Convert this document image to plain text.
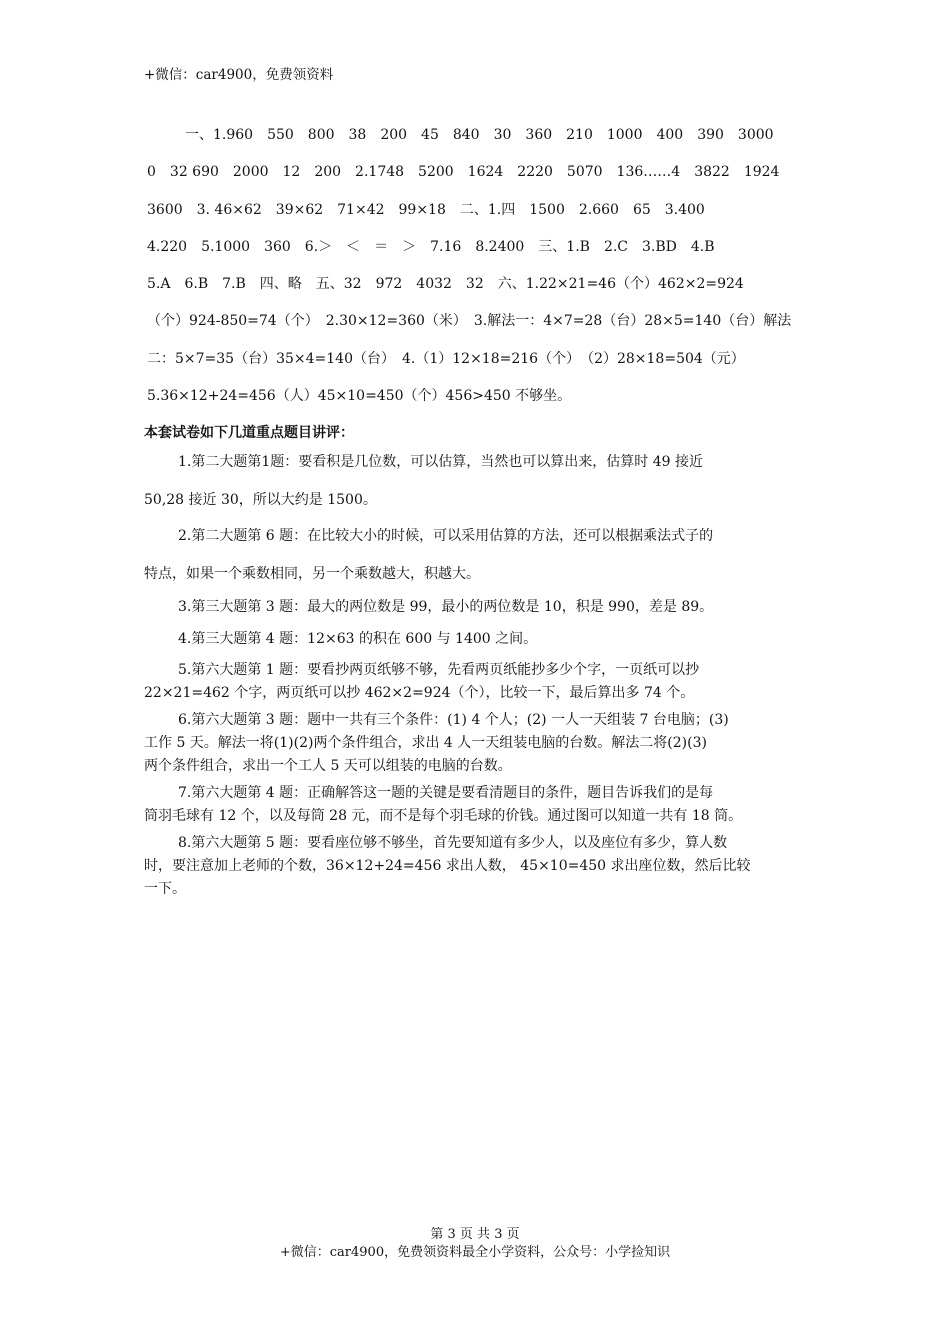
+微信：car4900，免费领资料
一、1.960　550　800　38　200　45　840　30　360　210　1000　400　390　3000
0　32 690　2000　12　200　2.1748　5200　1624　2220　5070　136……4　3822　1924
3600　3. 46×62　39×62　71×42　99×18　二、1.四　1500　2.660　65　3.400
4.220　5.1000　360　6.＞　＜　＝　＞　7.16　8.2400　三、1.B　2.C　3.BD　4.B
5.A　6.B　7.B　四、略　五、32　972　4032　32　六、1.22×21=46（个）462×2=924
（个）924-850=74（个）　2.30×12=360（米）　3.解法一：4×7=28（台）28×5=140（台）解法
二：5×7=35（台）35×4=140（台）　4.（1）12×18=216（个）　（2）28×18=504（元）
5.36×12+24=456（人）45×10=450（个）456>450 不够坐。
本套试卷如下几道重点题目讲评：
1.第二大题第1题：要看积是几位数，可以估算，当然也可以算出来，估算时 49 接近
50,28 接近 30，所以大约是 1500。
2.第二大题第 6 题：在比较大小的时候，可以采用估算的方法，还可以根据乘法式子的
特点，如果一个乘数相同，另一个乘数越大，积越大。
3.第三大题第 3 题：最大的两位数是 99，最小的两位数是 10，积是 990，差是 89。
4.第三大题第 4 题：12×63 的积在 600 与 1400 之间。
5.第六大题第 1 题：要看抄两页纸够不够，先看两页纸能抄多少个字，一页纸可以抄
22×21=462 个字，两页纸可以抄 462×2=924（个），比较一下，最后算出多 74 个。
6.第六大题第 3 题：题中一共有三个条件：(1) 4 个人；(2) 一人一天组装 7 台电脑；(3)
工作 5 天。解法一将(1)(2)两个条件组合，求出 4 人一天组装电脑的台数。解法二将(2)(3)
两个条件组合，求出一个工人 5 天可以组装的电脑的台数。
7.第六大题第 4 题：正确解答这一题的关键是要看清题目的条件，题目告诉我们的是每
筒羽毛球有 12 个，以及每筒 28 元，而不是每个羽毛球的价钱。通过图可以知道一共有 18 筒。
8.第六大题第 5 题：要看座位够不够坐，首先要知道有多少人，以及座位有多少，算人数
时，要注意加上老师的个数，36×12+24=456 求出人数， 45×10=450 求出座位数，然后比较
一下。
第 3 页 共 3 页
+微信：car4900，免费领资料最全小学资料，公众号：小学捡知识
